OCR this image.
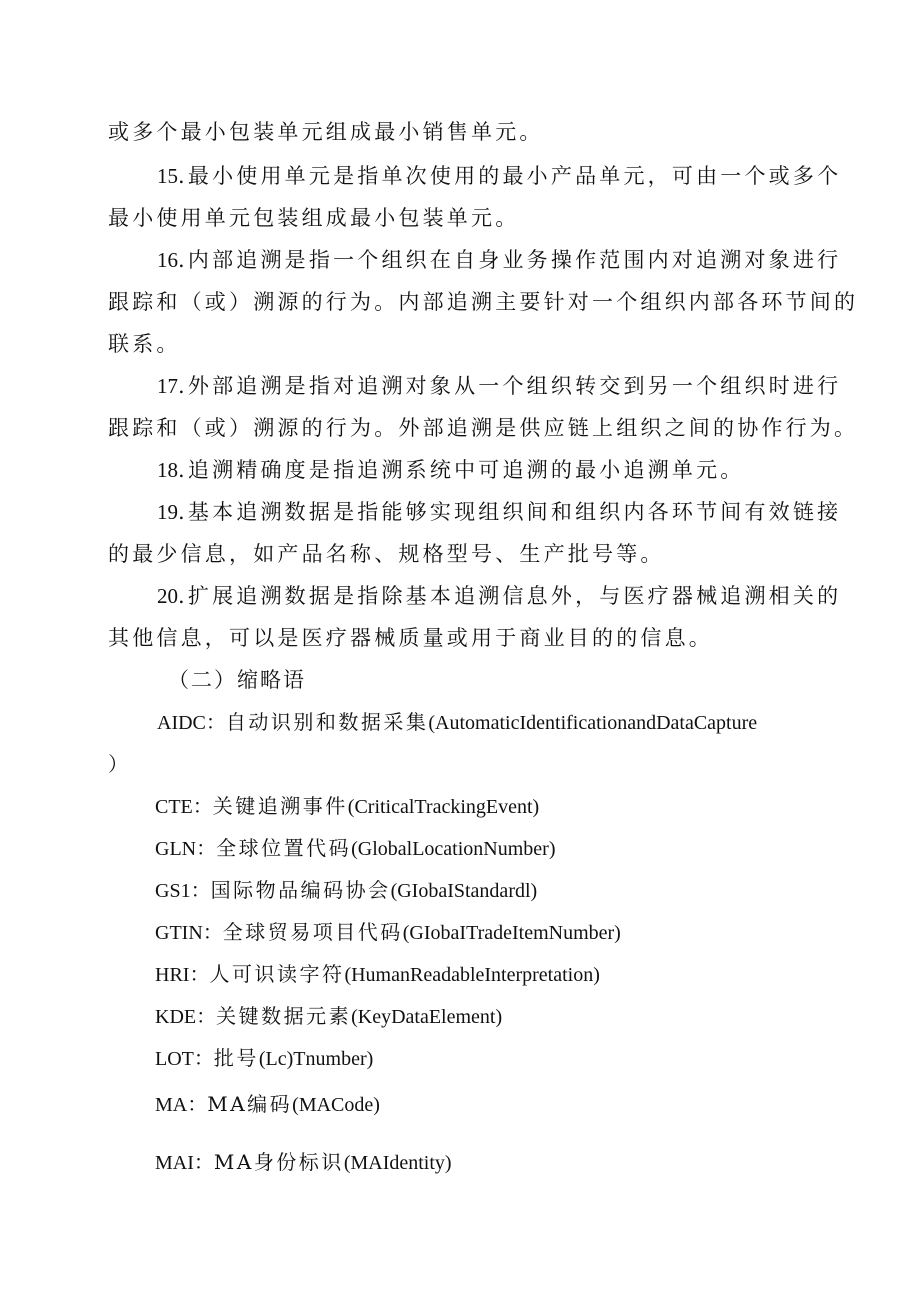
或多个最小包装单元组成最小销售单元。
15.最小使用单元是指单次使用的最小产品单元，可由一个或多个
最小使用单元包装组成最小包装单元。
16.内部追溯是指一个组织在自身业务操作范围内对追溯对象进行
跟踪和（或）溯源的行为。内部追溯主要针对一个组织内部各环节间的
联系。
17.外部追溯是指对追溯对象从一个组织转交到另一个组织时进行
跟踪和（或）溯源的行为。外部追溯是供应链上组织之间的协作行为。
18.追溯精确度是指追溯系统中可追溯的最小追溯单元。
19.基本追溯数据是指能够实现组织间和组织内各环节间有效链接
的最少信息，如产品名称、规格型号、生产批号等。
20.扩展追溯数据是指除基本追溯信息外，与医疗器械追溯相关的
其他信息，可以是医疗器械质量或用于商业目的的信息。
（二）缩略语
AIDC：自动识别和数据采集(AutomaticIdentificationandDataCapture
）
CTE：关键追溯事件(CriticalTrackingEvent)
GLN：全球位置代码(GlobalLocationNumber)
GS1：国际物品编码协会(GIobaIStandardl)
GTIN：全球贸易项目代码(GIobaITradeItemNumber)
HRI：人可识读字符(HumanReadableInterpretation)
KDE：关键数据元素(KeyDataElement)
LOT：批号(Lc)Tnumber)
MA：MA编码(MACode)
MAI：MA身份标识(MAIdentity)
